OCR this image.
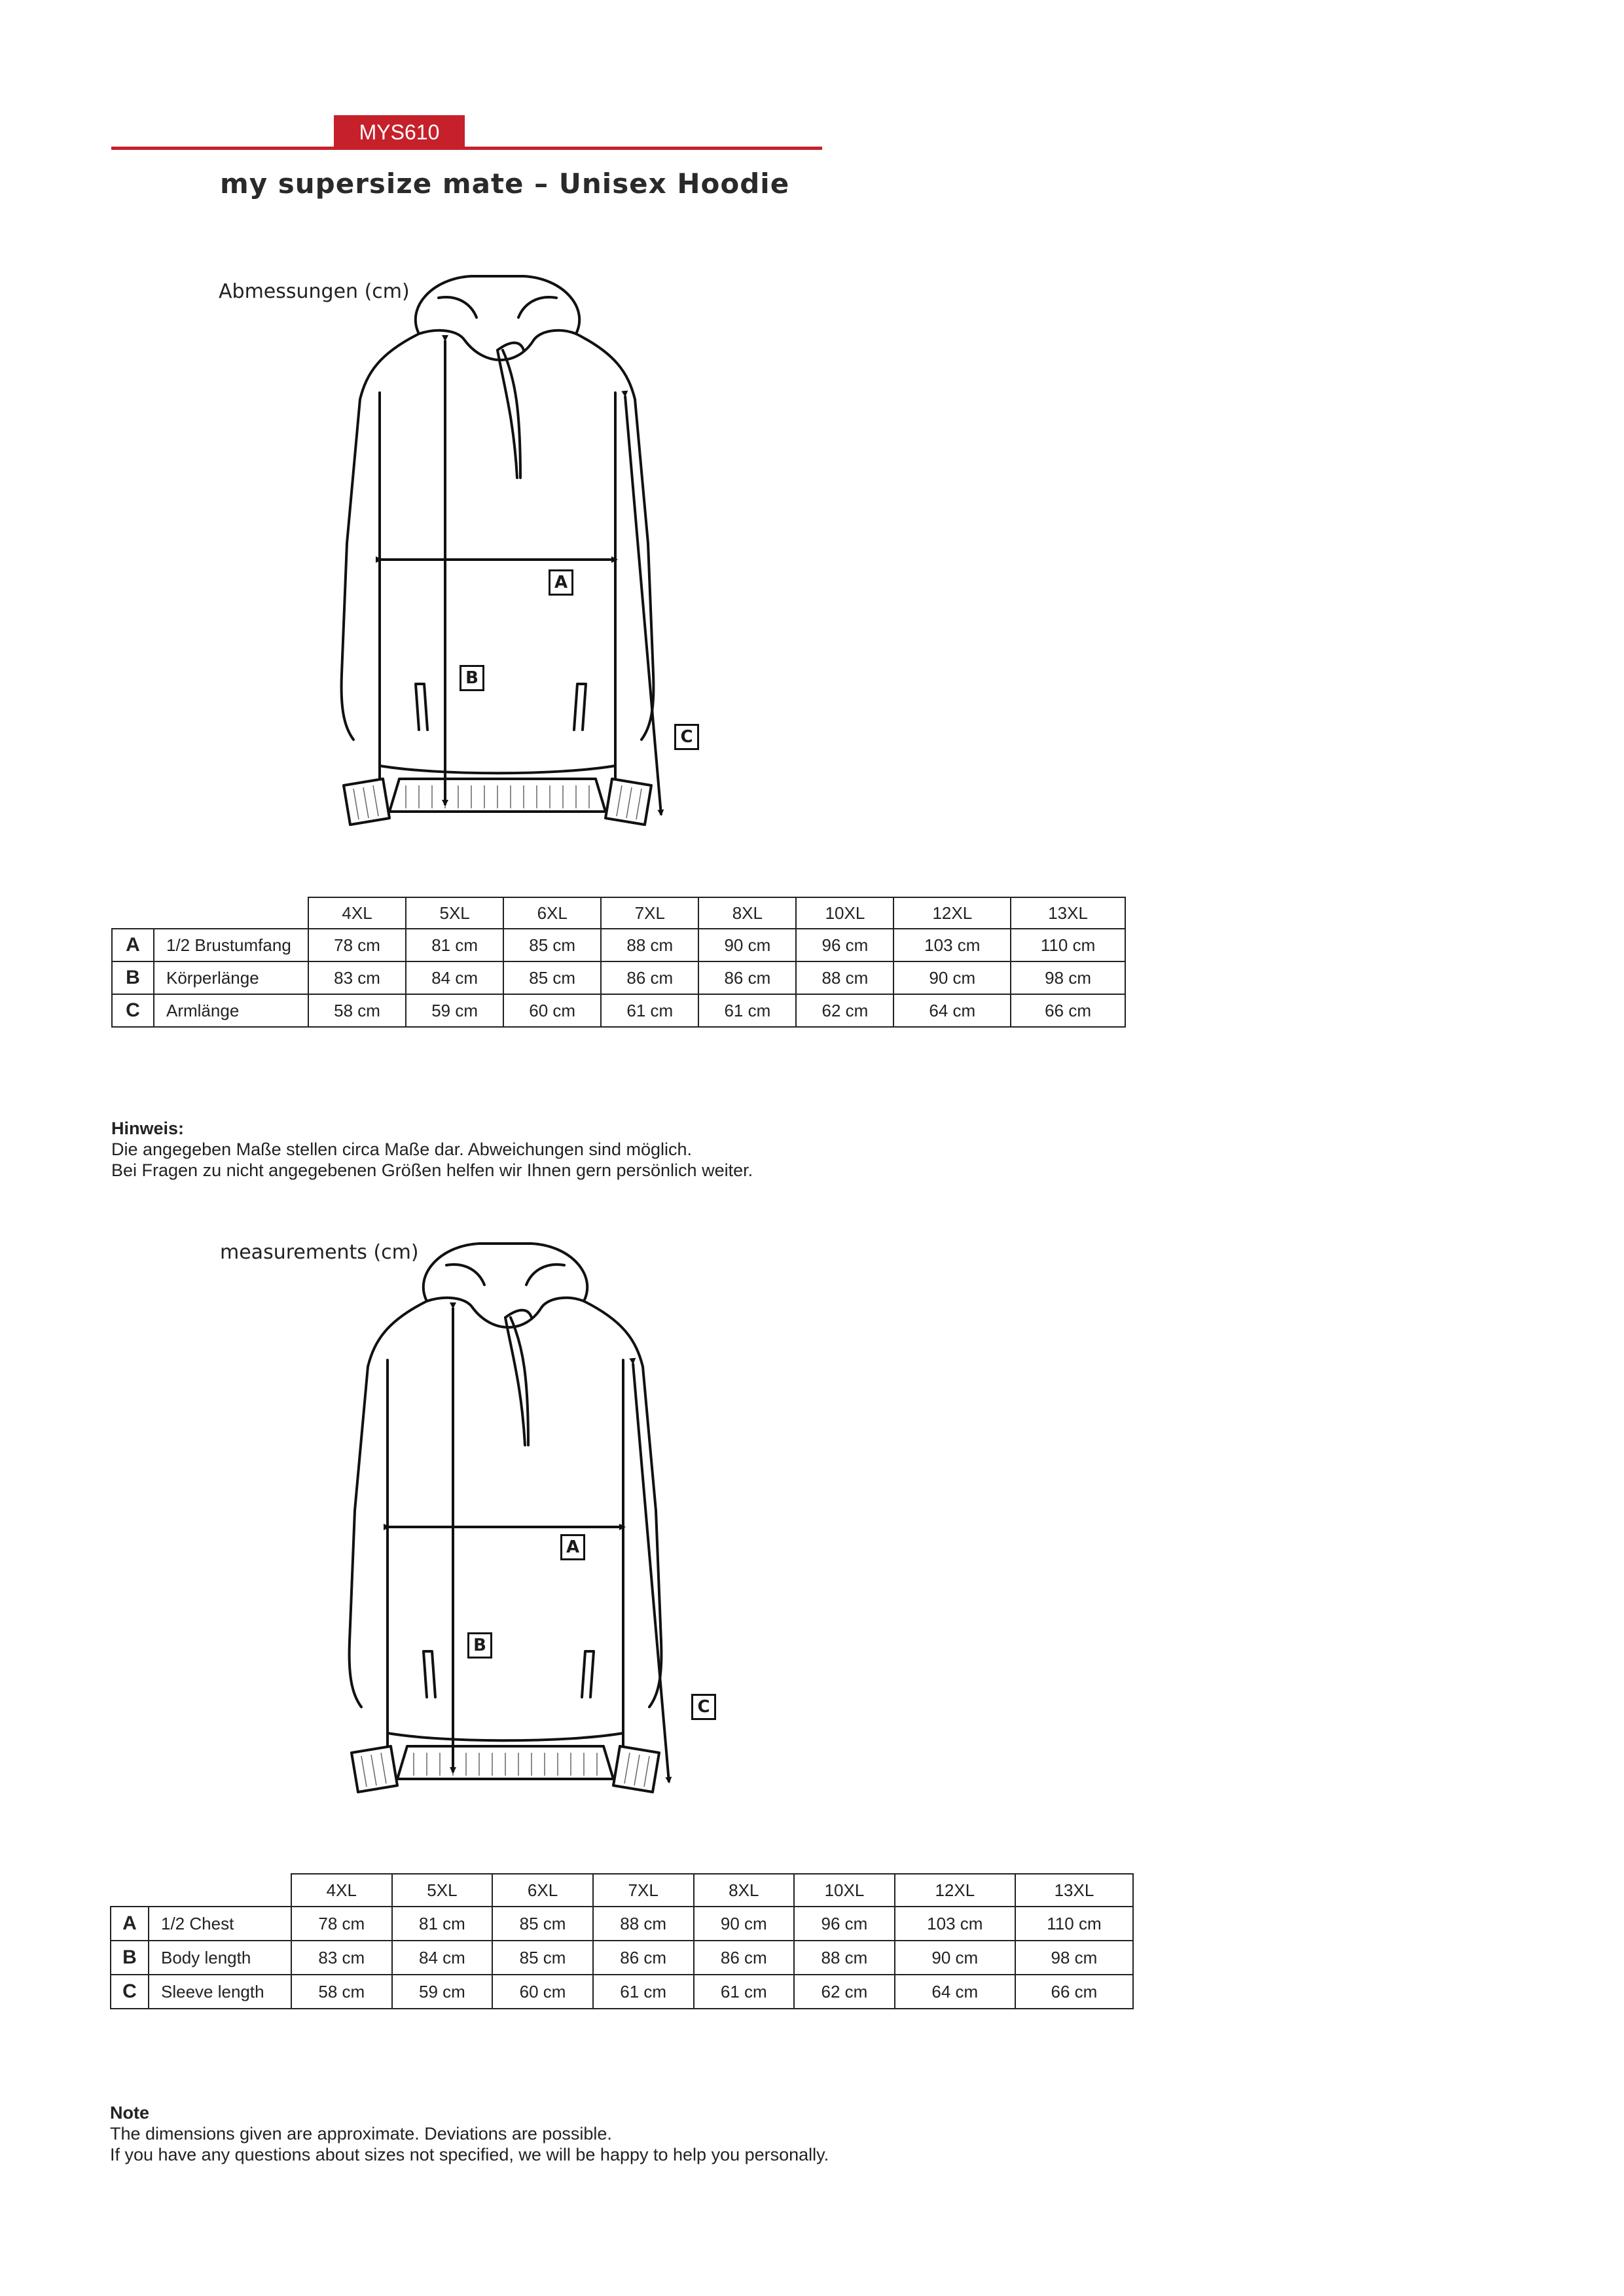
MYS610
my supersize mate – Unisex Hoodie
Abmessungen (cm)
A
B
C
		4XL	5XL	6XL	7XL	8XL	10XL	12XL	13XL
A	1/2 Brustumfang	78 cm	81 cm	85 cm	88 cm	90 cm	96 cm	103 cm	110 cm
B	Körperlänge	83 cm	84 cm	85 cm	86 cm	86 cm	88 cm	90 cm	98 cm
C	Armlänge	58 cm	59 cm	60 cm	61 cm	61 cm	62 cm	64 cm	66 cm
Hinweis:
Die angegeben Maße stellen circa Maße dar. Abweichungen sind möglich.
Bei Fragen zu nicht angegebenen Größen helfen wir Ihnen gern persönlich weiter.
measurements (cm)
A
B
C
		4XL	5XL	6XL	7XL	8XL	10XL	12XL	13XL
A	1/2 Chest	78 cm	81 cm	85 cm	88 cm	90 cm	96 cm	103 cm	110 cm
B	Body length	83 cm	84 cm	85 cm	86 cm	86 cm	88 cm	90 cm	98 cm
C	Sleeve length	58 cm	59 cm	60 cm	61 cm	61 cm	62 cm	64 cm	66 cm
Note
The dimensions given are approximate. Deviations are possible.
If you have any questions about sizes not specified, we will be happy to help you personally.
